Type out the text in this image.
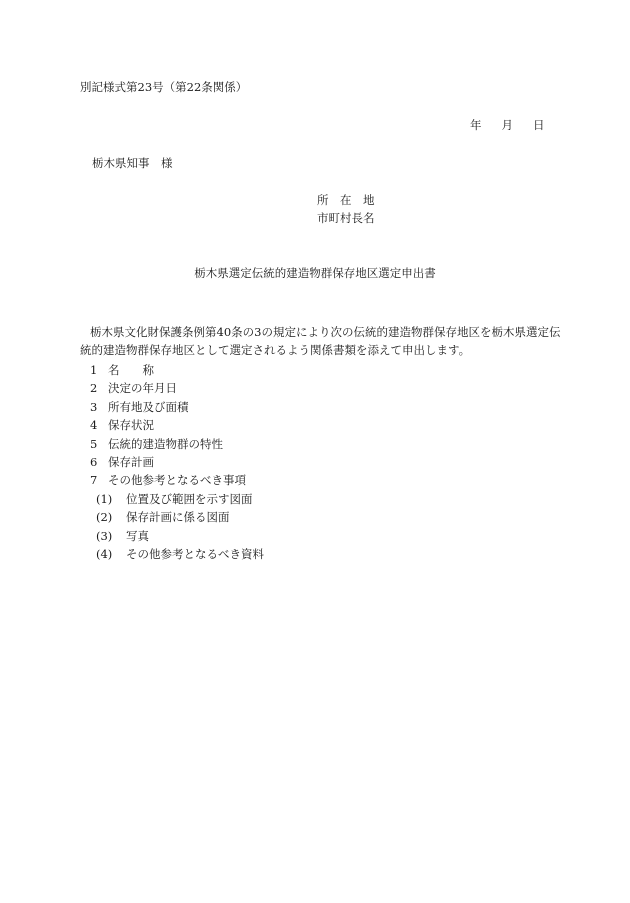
別記様式第23号（第22条関係）
年 月 日
栃木県知事　様
所　在　地
市町村長名
栃木県選定伝統的建造物群保存地区選定申出書
栃木県文化財保護条例第40条の3の規定により次の伝統的建造物群保存地区を栃木県選定伝統的建造物群保存地区として選定されるよう関係書類を添えて申出します。
1 名　　称
2 決定の年月日
3 所有地及び面積
4 保存状況
5 伝統的建造物群の特性
6 保存計画
7 その他参考となるべき事項
(1) 位置及び範囲を示す図面
(2) 保存計画に係る図面
(3) 写真
(4) その他参考となるべき資料
